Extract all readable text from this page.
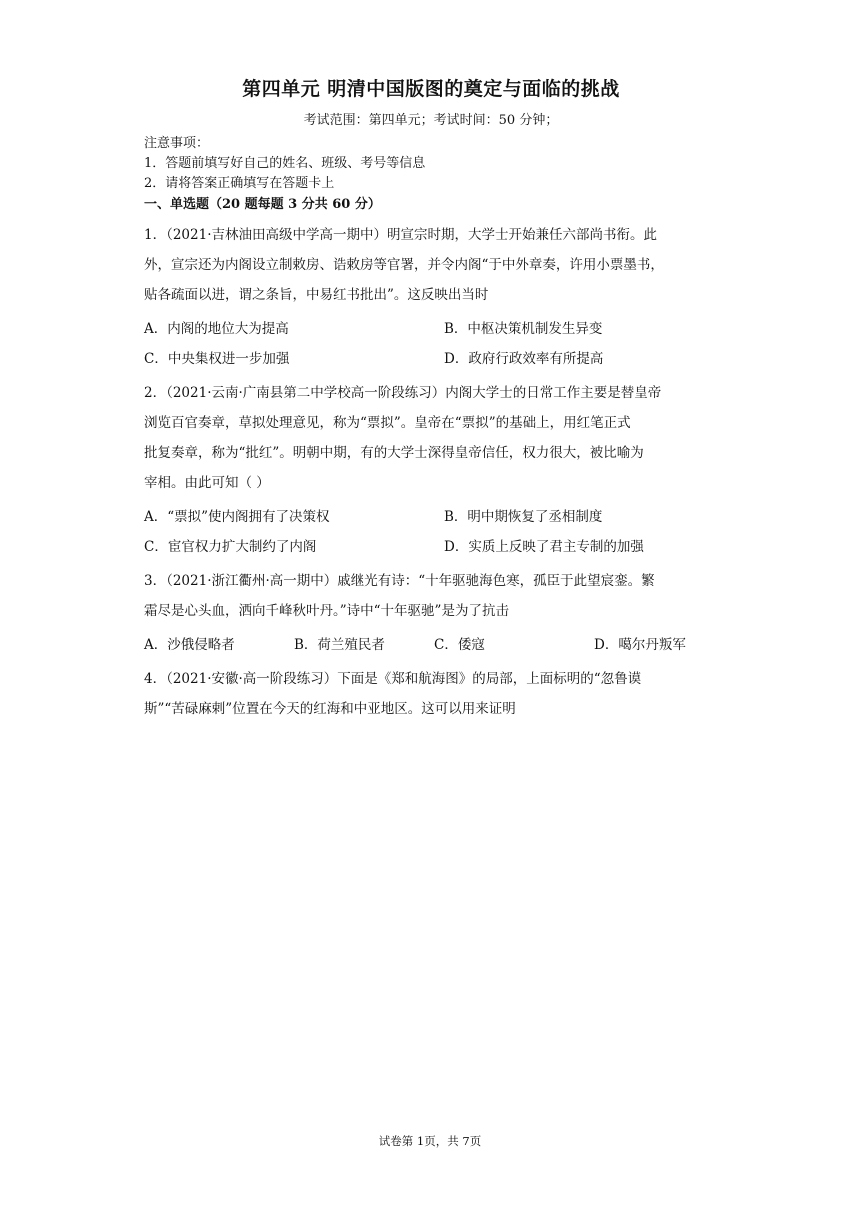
第四单元 明清中国版图的奠定与面临的挑战
考试范围：第四单元；考试时间：50 分钟；
注意事项：
1．答题前填写好自己的姓名、班级、考号等信息
2．请将答案正确填写在答题卡上
一、单选题（20 题每题 3 分共 60 分）
1．（2021·吉林油田高级中学高一期中）明宣宗时期，大学士开始兼任六部尚书衔。此
外，宣宗还为内阁设立制敕房、诰敕房等官署，并令内阁“于中外章奏，许用小票墨书，
贴各疏面以进，谓之条旨，中易红书批出”。这反映出当时
A．内阁的地位大为提高	B．中枢决策机制发生异变
C．中央集权进一步加强	D．政府行政效率有所提高
2．（2021·云南·广南县第二中学校高一阶段练习）内阁大学士的日常工作主要是替皇帝
浏览百官奏章，草拟处理意见，称为“票拟”。皇帝在“票拟”的基础上，用红笔正式
批复奏章，称为“批红”。明朝中期，有的大学士深得皇帝信任，权力很大，被比喻为
宰相。由此可知（ ）
A．“票拟”使内阁拥有了决策权	B．明中期恢复了丞相制度
C．宦官权力扩大制约了内阁	D．实质上反映了君主专制的加强
3．（2021·浙江衢州·高一期中）戚继光有诗：“十年驱驰海色寒，孤臣于此望宸銮。繁
霜尽是心头血，洒向千峰秋叶丹。”诗中“十年驱驰”是为了抗击
A．沙俄侵略者	B．荷兰殖民者	C．倭寇	D．噶尔丹叛军
4．（2021·安徽·高一阶段练习）下面是《郑和航海图》的局部，上面标明的“忽鲁谟
斯”“苦碌麻剌”位置在今天的红海和中亚地区。这可以用来证明
试卷第 1页，共 7页
